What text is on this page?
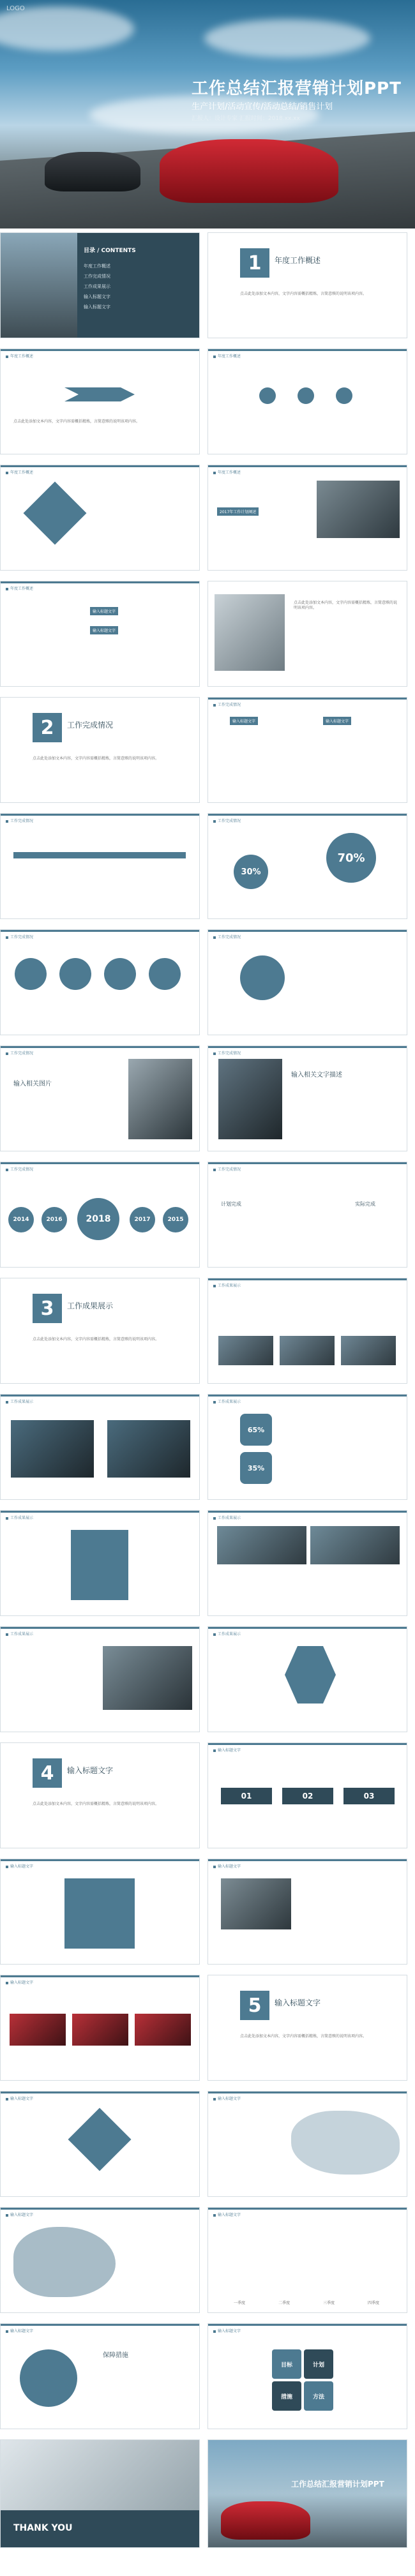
LOGO
工作总结汇报营销计划PPT
生产计划/活动宣传/活动总结/销售计划
汇报人：设计专家 汇报时间：2018.xx.xx
目录 / CONTENTS
年度工作概述
工作完成情况
工作成果展示
输入标题文字
输入标题文字
1	年度工作概述
点击此处添加文本内容，文字内容需概括精炼，言简意赅的说明该项内容。
年度工作概述
点击此处添加文本内容，文字内容需概括精炼，言简意赅的说明该项内容。
年度工作概述
年度工作概述	年度工作概述
2017年工作计划阐述
年度工作概述
输入标题文字
输入标题文字
点击此处添加文本内容，文字内容需概括精炼，言简意赅的说明该项内容。
2	工作完成情况
点击此处添加文本内容，文字内容需概括精炼，言简意赅的说明该项内容。
工作完成情况
输入标题文字	输入标题文字
工作完成情况	工作完成情况
30%
70%
工作完成情况	工作完成情况
工作完成情况
输入相关图片
工作完成情况
输入相关文字描述
工作完成情况
2014	2016	2018	2017	2015
工作完成情况
计划完成	实际完成
3	工作成果展示
点击此处添加文本内容，文字内容需概括精炼，言简意赅的说明该项内容。
工作成果展示
工作成果展示	工作成果展示
65%
35%
工作成果展示	工作成果展示
工作成果展示	工作成果展示
4	输入标题文字
点击此处添加文本内容，文字内容需概括精炼，言简意赅的说明该项内容。
输入标题文字
01	02	03
输入标题文字	输入标题文字
输入标题文字
5	输入标题文字
点击此处添加文本内容，文字内容需概括精炼，言简意赅的说明该项内容。
输入标题文字	输入标题文字
输入标题文字	输入标题文字
一季度	二季度	三季度	四季度
输入标题文字
保障措施
输入标题文字
目标	计划
措施	方法
THANK YOU
工作总结汇报营销计划PPT
